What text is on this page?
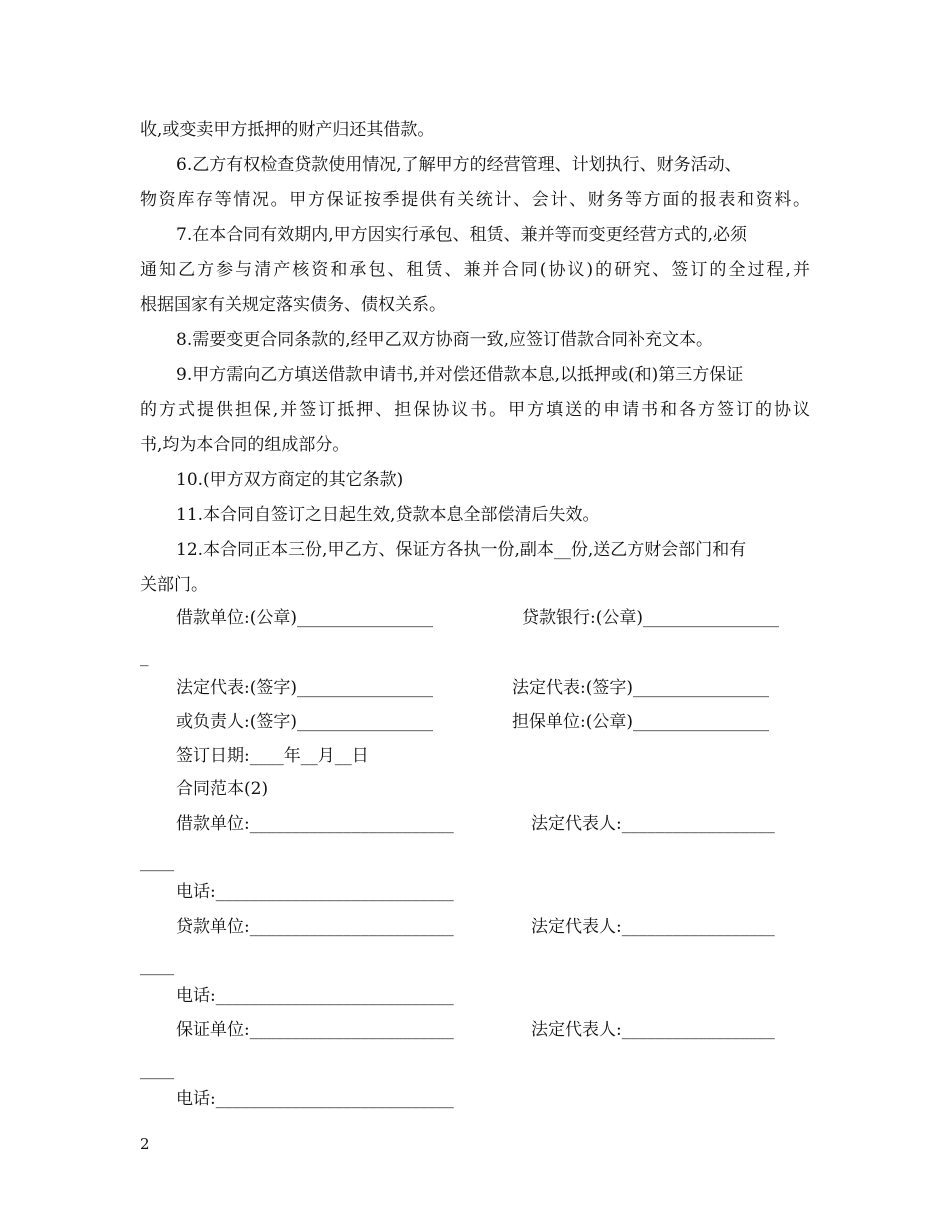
收,或变卖甲方抵押的财产归还其借款。
6.乙方有权检查贷款使用情况,了解甲方的经营管理、计划执行、财务活动、
物资库存等情况。甲方保证按季提供有关统计、会计、财务等方面的报表和资料。
7.在本合同有效期内,甲方因实行承包、租赁、兼并等而变更经营方式的,必须
通知乙方参与清产核资和承包、租赁、兼并合同(协议)的研究、签订的全过程,并
根据国家有关规定落实债务、债权关系。
8.需要变更合同条款的,经甲乙双方协商一致,应签订借款合同补充文本。
9.甲方需向乙方填送借款申请书,并对偿还借款本息,以抵押或(和)第三方保证
的方式提供担保,并签订抵押、担保协议书。甲方填送的申请书和各方签订的协议
书,均为本合同的组成部分。
10.(甲方双方商定的其它条款)
11.本合同自签订之日起生效,贷款本息全部偿清后失效。
12.本合同正本三份,甲乙方、保证方各执一份,副本__份,送乙方财会部门和有
关部门。
借款单位:(公章)________________	贷款银行:(公章)________________
_
法定代表:(签字)________________	法定代表:(签字)________________
或负责人:(签字)________________	担保单位:(公章)________________
签订日期:____年__月__日
合同范本(2)
借款单位:________________________	法定代表人:__________________
____
电话:____________________________
贷款单位:________________________	法定代表人:__________________
____
电话:____________________________
保证单位:________________________	法定代表人:__________________
____
电话:____________________________
2
